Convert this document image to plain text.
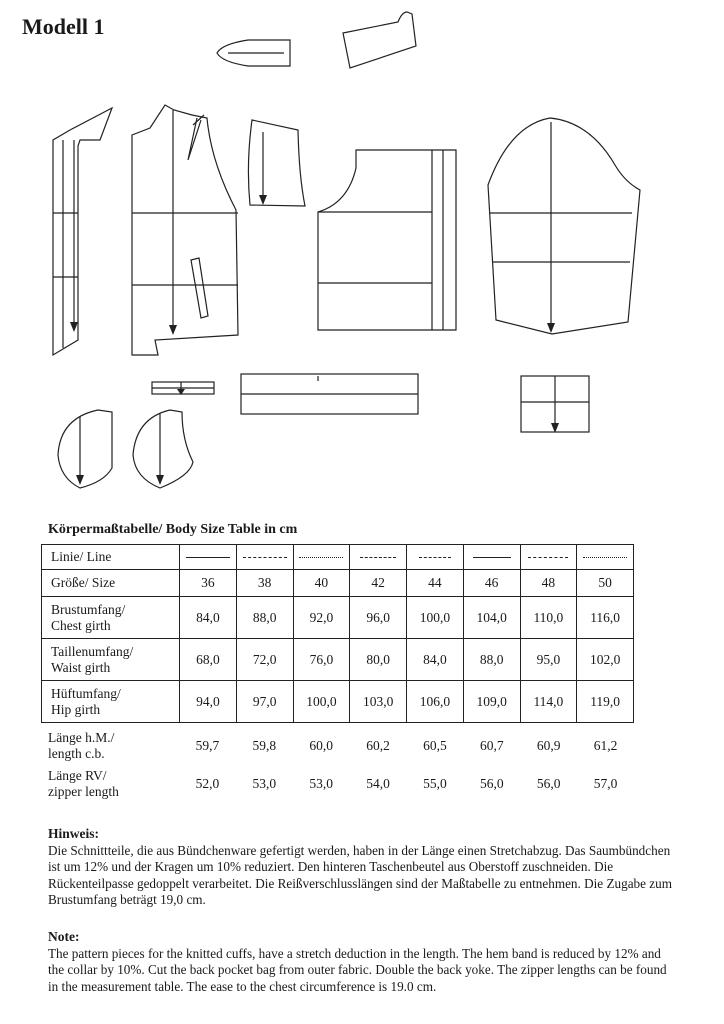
Modell 1
Körpermaßtabelle/ Body Size Table in cm
Linie/ Line								
Größe/ Size	36	38	40	42	44	46	48	50
Brustumfang/
Chest girth	84,0	88,0	92,0	96,0	100,0	104,0	110,0	116,0
Taillenumfang/
Waist girth	68,0	72,0	76,0	80,0	84,0	88,0	95,0	102,0
Hüftumfang/
Hip girth	94,0	97,0	100,0	103,0	106,0	109,0	114,0	119,0
Länge h.M./
length c.b.	59,7	59,8	60,0	60,2	60,5	60,7	60,9	61,2
Länge RV/
zipper length	52,0	53,0	53,0	54,0	55,0	56,0	56,0	57,0
Hinweis:

Die Schnittteile, die aus Bündchenware gefertigt werden, haben in der Länge einen Stretchabzug. Das Saumbündchen ist um 12% und der Kragen um 10% reduziert. Den hinteren Taschenbeutel aus Oberstoff zuschneiden. Die Rückenteilpasse gedoppelt verarbeitet. Die Reißverschlusslängen sind der Maßtabelle zu entnehmen. Die Zugabe zum Brustumfang beträgt 19,0 cm.

Note:

The pattern pieces for the knitted cuffs, have a stretch deduction in the length. The hem band is reduced by 12% and the collar by 10%. Cut the back pocket bag from outer fabric. Double the back yoke. The zipper lengths can be found in the measurement table. The ease to the chest circumference is 19.0 cm.
